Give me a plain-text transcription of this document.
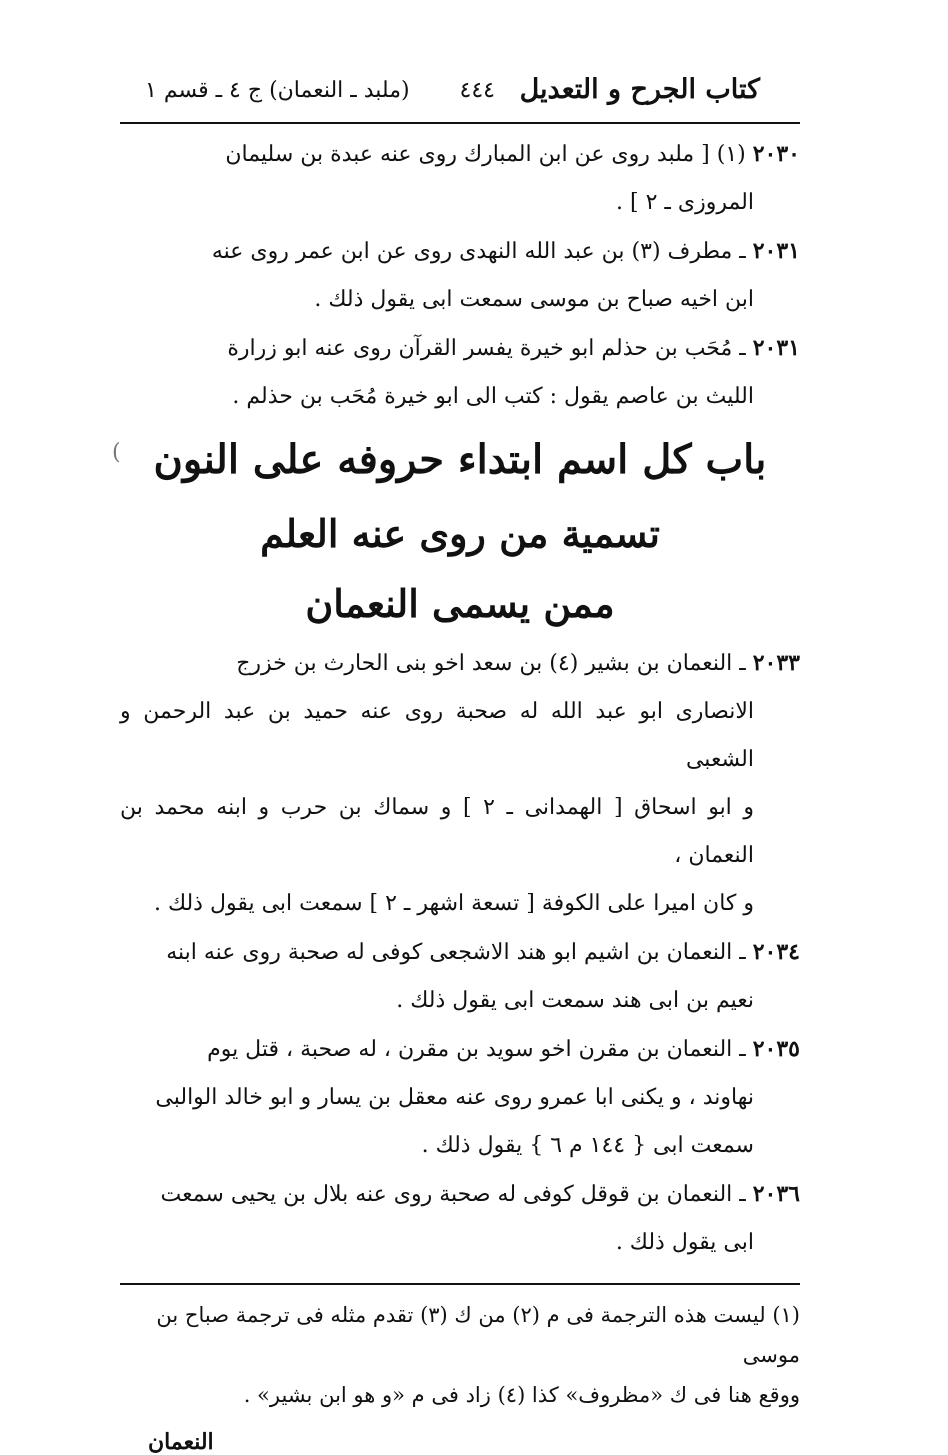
كتاب الجرح و التعديل
٤٤٤
(ملبد ـ النعمان) ج ٤ ـ قسم ١
٢٠٣٠ (١) [ ملبد روى عن ابن المبارك روى عنه عبدة بن سليمان
المروزى ـ ٢ ] .
٢٠٣١ ـ مطرف (٣) بن عبد الله النهدى روى عن ابن عمر روى عنه
ابن اخيه صباح بن موسى سمعت ابى يقول ذلك .
٢٠٣١ ـ مُحَب بن حذلم ابو خيرة يفسر القرآن روى عنه ابو زرارة
الليث بن عاصم يقول : كتب الى ابو خيرة مُحَب بن حذلم .
باب كل اسم ابتداء حروفه على النون
تسمية من روى عنه العلم
ممن يسمى النعمان
٢٠٣٣ ـ النعمان بن بشير (٤) بن سعد اخو بنى الحارث بن خزرج
الانصارى ابو عبد الله له صحبة روى عنه حميد بن عبد الرحمن و الشعبى
و ابو اسحاق [ الهمدانى ـ ٢ ] و سماك بن حرب و ابنه محمد بن النعمان ،
و كان اميرا على الكوفة [ تسعة اشهر ـ ٢ ] سمعت ابى يقول ذلك .
٢٠٣٤ ـ النعمان بن اشيم ابو هند الاشجعى كوفى له صحبة روى عنه ابنه
نعيم بن ابى هند سمعت ابى يقول ذلك .
٢٠٣٥ ـ النعمان بن مقرن اخو سويد بن مقرن ، له صحبة ، قتل يوم
نهاوند ، و يكنى ابا عمرو روى عنه معقل بن يسار و ابو خالد الوالبى
سمعت ابى { ١٤٤ م ٦ } يقول ذلك .
٢٠٣٦ ـ النعمان بن قوقل كوفى له صحبة روى عنه بلال بن يحيى سمعت
ابى يقول ذلك .
(١) ليست هذه الترجمة فى م (٢) من ك (٣) تقدم مثله فى ترجمة صباح بن موسى
ووقع هنا فى ك «مظروف» كذا (٤) زاد فى م «و هو ابن بشير» .
النعمان
)
